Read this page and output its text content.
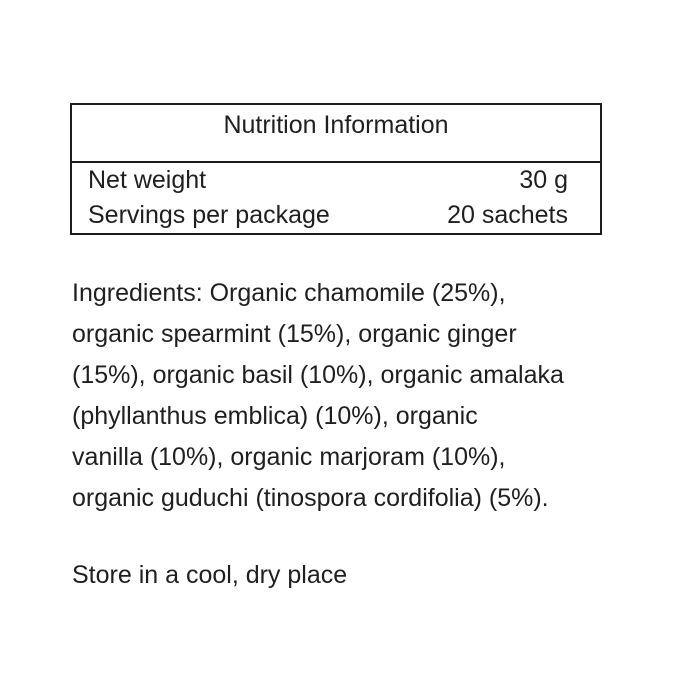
Nutrition Information
Net weight	30 g
Servings per package	20 sachets
Ingredients: Organic chamomile (25%),
organic spearmint (15%), organic ginger
(15%), organic basil (10%), organic amalaka
(phyllanthus emblica) (10%), organic
vanilla (10%), organic marjoram (10%),
organic guduchi (tinospora cordifolia) (5%).
Store in a cool, dry place
